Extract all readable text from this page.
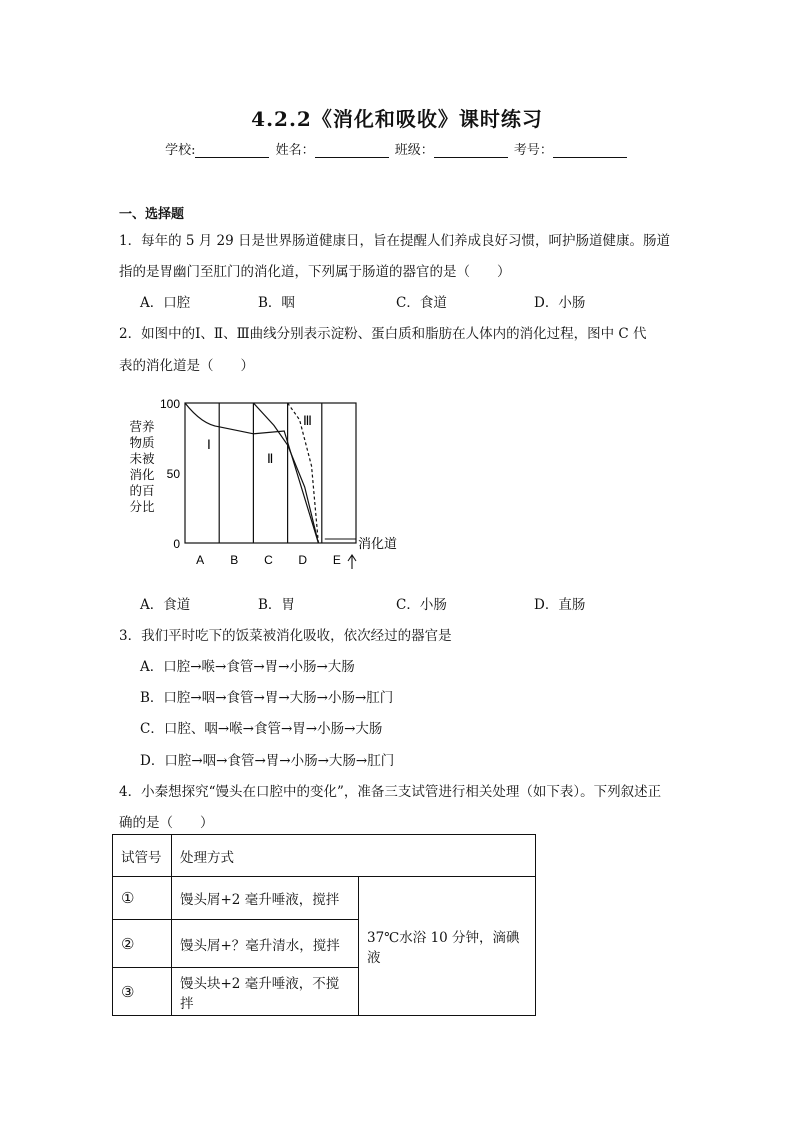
4.2.2《消化和吸收》课时练习
学校:	姓名：	班级：	考号：
一、选择题
1．每年的 5 月 29 日是世界肠道健康日，旨在提醒人们养成良好习惯，呵护肠道健康。肠道
指的是胃幽门至肛门的消化道，下列属于肠道的器官的是（　　）
A．口腔	B．咽	C．食道	D．小肠
2．如图中的Ⅰ、Ⅱ、Ⅲ曲线分别表示淀粉、蛋白质和脂肪在人体内的消化过程，图中 C 代
表的消化道是（　　）
营养
物质
未被
消化
的百
分比
100
50
0
Ⅰ
Ⅱ
Ⅲ
A B C D E
消化道
A．食道	B．胃	C．小肠	D．直肠
3．我们平时吃下的饭菜被消化吸收，依次经过的器官是
A．口腔→喉→食管→胃→小肠→大肠
B．口腔→咽→食管→胃→大肠→小肠→肛门
C．口腔、咽→喉→食管→胃→小肠→大肠
D．口腔→咽→食管→胃→小肠→大肠→肛门
4．小秦想探究“馒头在口腔中的变化”，准备三支试管进行相关处理（如下表）。下列叙述正
确的是（　　）
试管号	处理方式	
①	馒头屑+2 毫升唾液，搅拌	37℃水浴 10 分钟，滴碘液
②	馒头屑+？毫升清水，搅拌	
③	馒头块+2 毫升唾液，不搅拌	
